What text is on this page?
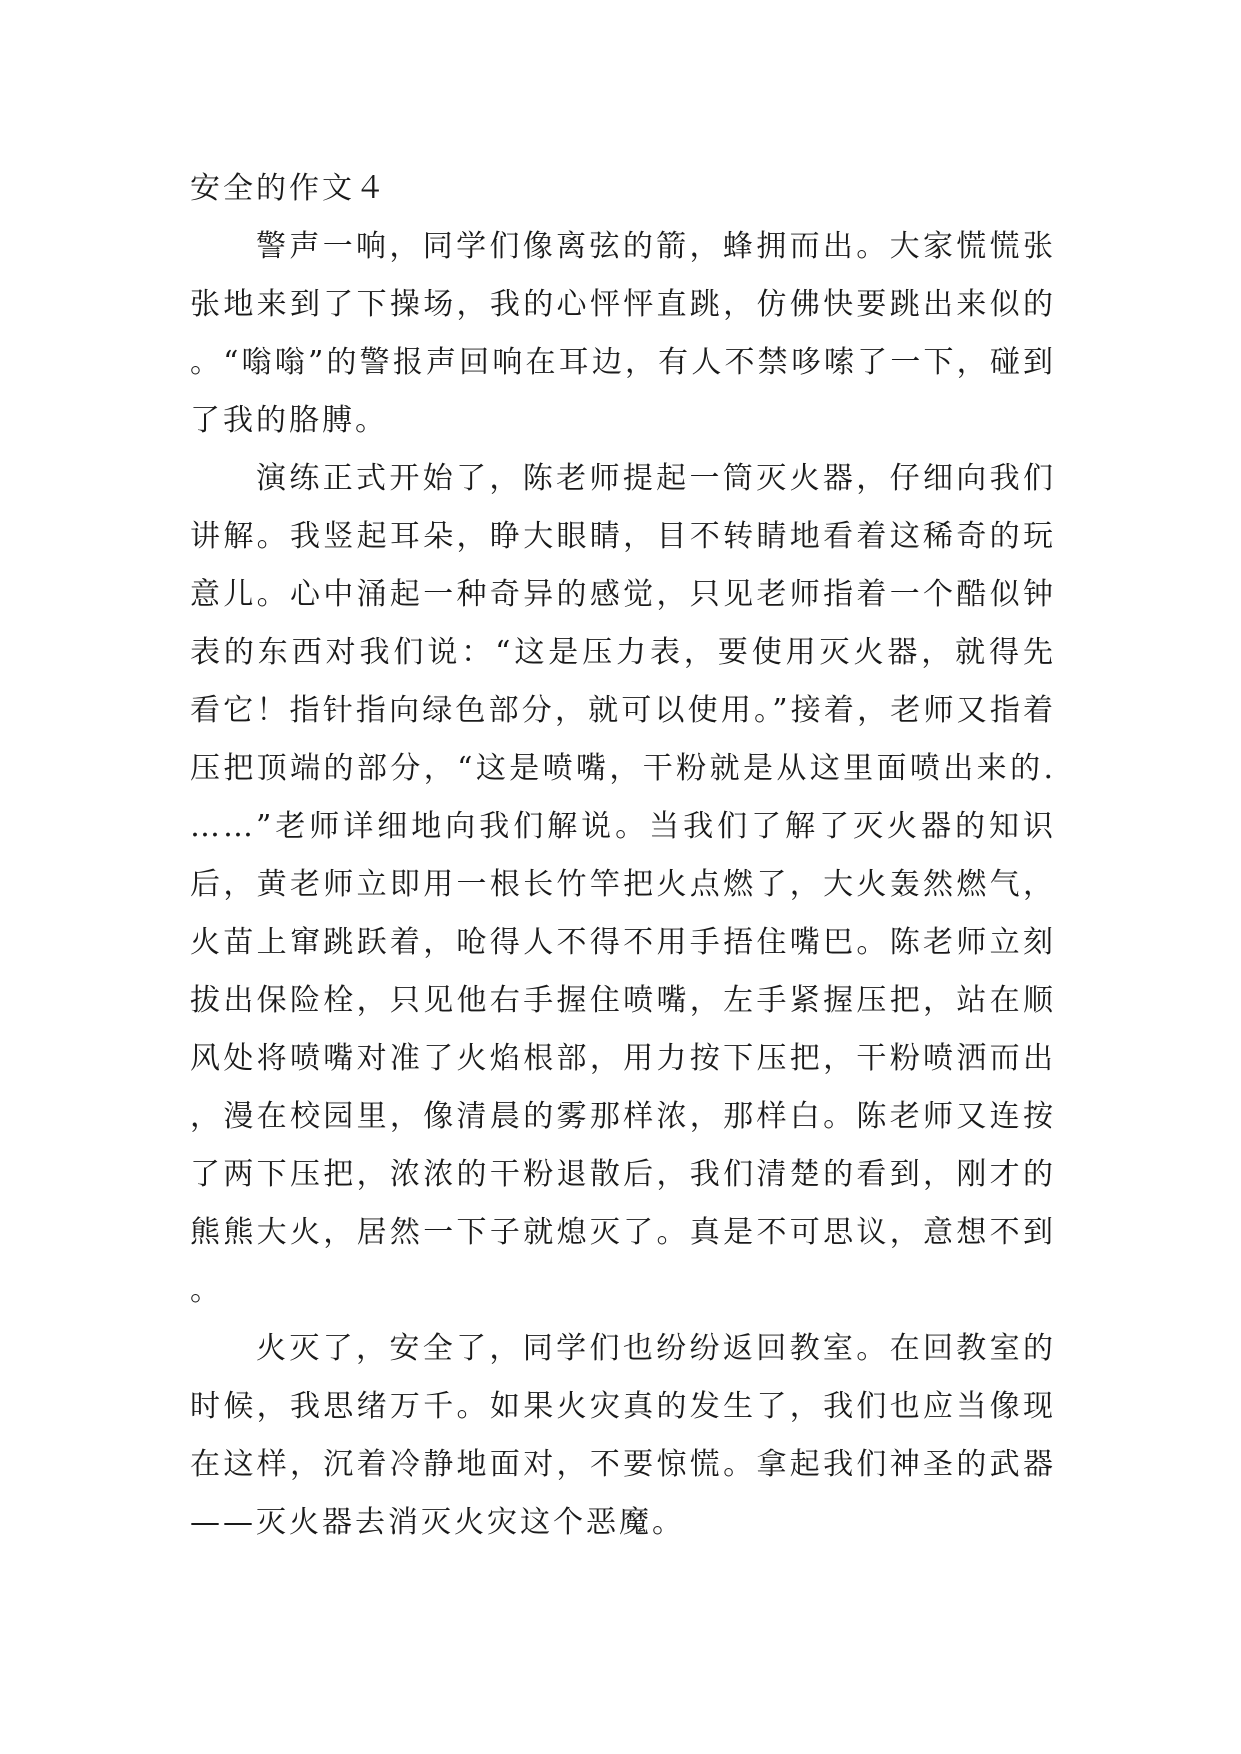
安全的作文４

警声一响，同学们像离弦的箭，蜂拥而出。大家慌慌张张地来到了下操场，我的心怦怦直跳，仿佛快要跳出来似的。“嗡嗡”的警报声回响在耳边，有人不禁哆嗦了一下，碰到了我的胳膊。

演练正式开始了，陈老师提起一筒灭火器，仔细向我们讲解。我竖起耳朵，睁大眼睛，目不转睛地看着这稀奇的玩意儿。心中涌起一种奇异的感觉，只见老师指着一个酷似钟表的东西对我们说：“这是压力表，要使用灭火器，就得先看它！指针指向绿色部分，就可以使用。”接着，老师又指着压把顶端的部分，“这是喷嘴，干粉就是从这里面喷出来的.……”老师详细地向我们解说。当我们了解了灭火器的知识后，黄老师立即用一根长竹竿把火点燃了，大火轰然燃气，火苗上窜跳跃着，呛得人不得不用手捂住嘴巴。陈老师立刻拔出保险栓，只见他右手握住喷嘴，左手紧握压把，站在顺风处将喷嘴对准了火焰根部，用力按下压把，干粉喷洒而出，漫在校园里，像清晨的雾那样浓，那样白。陈老师又连按了两下压把，浓浓的干粉退散后，我们清楚的看到，刚才的熊熊大火，居然一下子就熄灭了。真是不可思议，意想不到。

火灭了，安全了，同学们也纷纷返回教室。在回教室的时候，我思绪万千。如果火灾真的发生了，我们也应当像现在这样，沉着冷静地面对，不要惊慌。拿起我们神圣的武器——灭火器去消灭火灾这个恶魔。
